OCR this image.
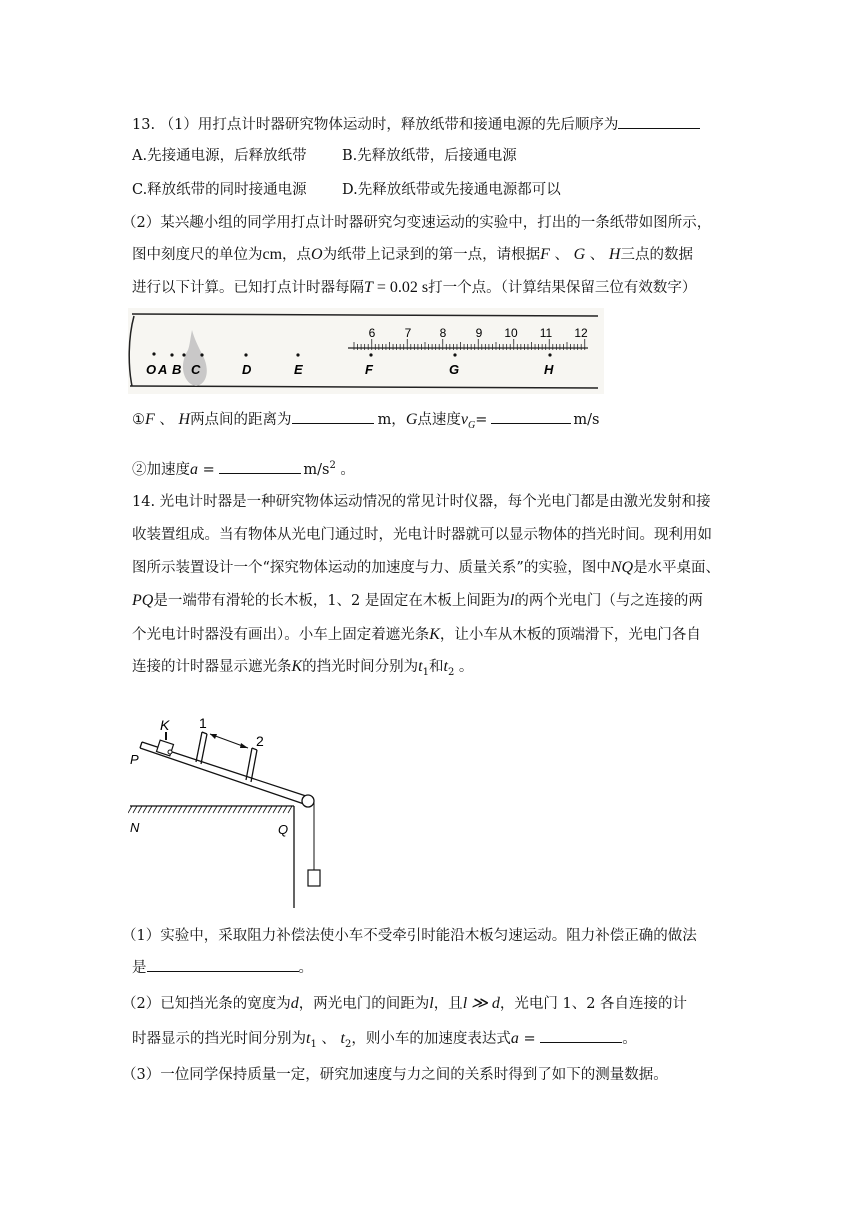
13. （1）用打点计时器研究物体运动时，释放纸带和接通电源的先后顺序为
A.先接通电源，后释放纸带 B.先释放纸带，后接通电源
C.释放纸带的同时接通电源 D.先释放纸带或先接通电源都可以
（2）某兴趣小组的同学用打点计时器研究匀变速运动的实验中，打出的一条纸带如图所示，
图中刻度尺的单位为cm，点O为纸带上记录到的第一点，请根据F 、 G 、 H三点的数据
进行以下计算。已知打点计时器每隔T = 0.02 s打一个点。（计算结果保留三位有效数字）
6 7 8 9 10 11 12
O A B C	D	E	F	G	H
①F 、 H两点间的距离为	m，G点速度$v_G=$	m/s
②加速度a =	$m/s^2$ 。
14. 光电计时器是一种研究物体运动情况的常见计时仪器，每个光电门都是由激光发射和接
收装置组成。当有物体从光电门通过时，光电计时器就可以显示物体的挡光时间。现利用如
图所示装置设计一个“探究物体运动的加速度与力、质量关系”的实验，图中NQ是水平桌面、
PQ是一端带有滑轮的长木板，1、2 是固定在木板上间距为l的两个光电门（与之连接的两
个光电计时器没有画出）。小车上固定着遮光条K，让小车从木板的顶端滑下，光电门各自
连接的计时器显示遮光条K的挡光时间分别为$t_1$和$t_2$ 。
K 1
2
P
N	Q
（1）实验中，采取阻力补偿法使小车不受牵引时能沿木板匀速运动。阻力补偿正确的做法
是	。
（2）已知挡光条的宽度为d，两光电门的间距为l，且l ≫ d，光电门 1、2 各自连接的计
时器显示的挡光时间分别为$t_1$ 、 $t_2$，则小车的加速度表达式a =	。
（3）一位同学保持质量一定，研究加速度与力之间的关系时得到了如下的测量数据。
